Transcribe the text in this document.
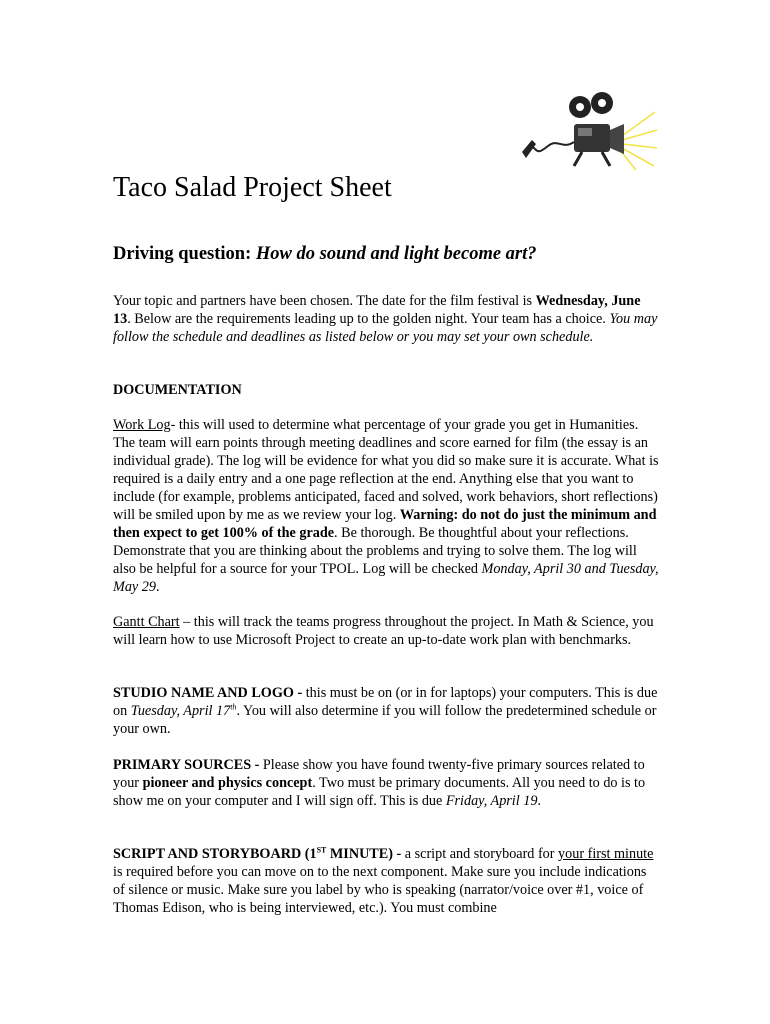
Taco Salad Project Sheet

Driving question: How do sound and light become art?

Your topic and partners have been chosen. The date for the film festival is Wednesday, June 13. Below are the requirements leading up to the golden night. Your team has a choice. You may follow the schedule and deadlines as listed below or you may set your own schedule.

DOCUMENTATION

Work Log- this will used to determine what percentage of your grade you get in Humanities. The team will earn points through meeting deadlines and score earned for film (the essay is an individual grade). The log will be evidence for what you did so make sure it is accurate. What is required is a daily entry and a one page reflection at the end. Anything else that you want to include (for example, problems anticipated, faced and solved, work behaviors, short reflections) will be smiled upon by me as we review your log. Warning: do not do just the minimum and then expect to get 100% of the grade. Be thorough. Be thoughtful about your reflections. Demonstrate that you are thinking about the problems and trying to solve them. The log will also be helpful for a source for your TPOL. Log will be checked Monday, April 30 and Tuesday, May 29.

Gantt Chart – this will track the teams progress throughout the project. In Math & Science, you will learn how to use Microsoft Project to create an up-to-date work plan with benchmarks.

STUDIO NAME AND LOGO - this must be on (or in for laptops) your computers. This is due on Tuesday, April 17th. You will also determine if you will follow the predetermined schedule or your own.

PRIMARY SOURCES - Please show you have found twenty-five primary sources related to your pioneer and physics concept. Two must be primary documents. All you need to do is to show me on your computer and I will sign off. This is due Friday, April 19.

SCRIPT AND STORYBOARD (1ST MINUTE) - a script and storyboard for your first minute is required before you can move on to the next component. Make sure you include indications of silence or music. Make sure you label by who is speaking (narrator/voice over #1, voice of Thomas Edison, who is being interviewed, etc.). You must combine
